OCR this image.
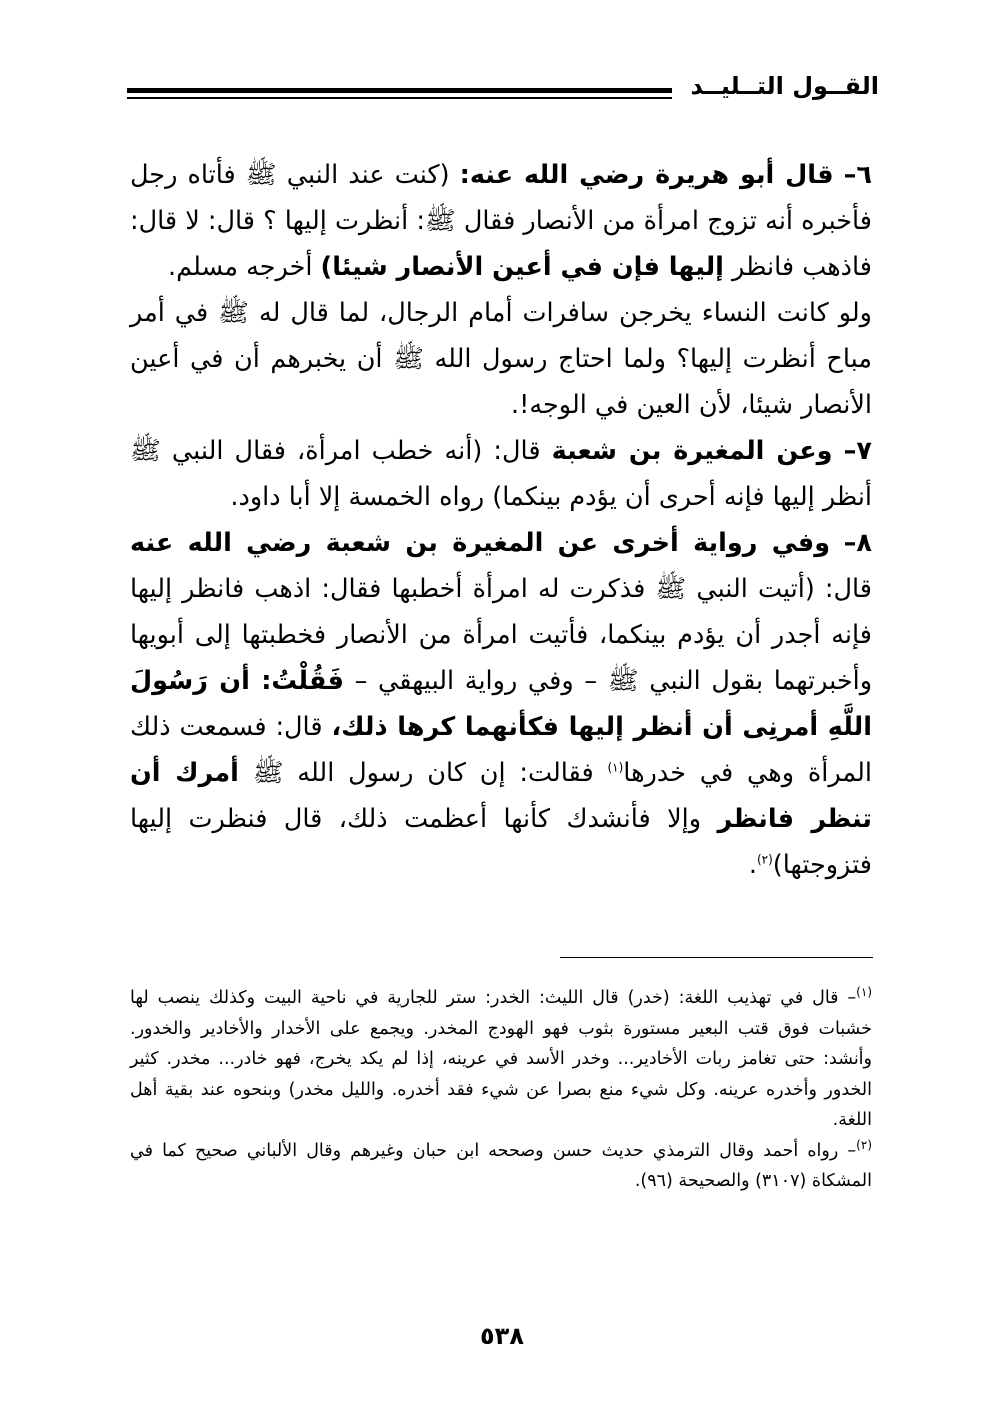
القــول التــليــد

٦– قال أبو هريرة رضي الله عنه: (كنت عند النبي ﷺ فأتاه رجل فأخبره أنه تزوج امرأة من الأنصار فقال ﷺ: أنظرت إليها ؟ قال: لا قال: فاذهب فانظر إليها فإن في أعين الأنصار شيئا) أخرجه مسلم.

ولو كانت النساء يخرجن سافرات أمام الرجال، لما قال له ﷺ في أمر مباح أنظرت إليها؟ ولما احتاج رسول الله ﷺ أن يخبرهم أن في أعين الأنصار شيئا، لأن العين في الوجه!.

٧– وعن المغيرة بن شعبة قال: (أنه خطب امرأة، فقال النبي ﷺ أنظر إليها فإنه أحرى أن يؤدم بينكما) رواه الخمسة إلا أبا داود.

٨– وفي رواية أخرى عن المغيرة بن شعبة رضي الله عنه قال: (أتيت النبي ﷺ فذكرت له امرأة أخطبها فقال: اذهب فانظر إليها فإنه أجدر أن يؤدم بينكما، فأتيت امرأة من الأنصار فخطبتها إلى أبويها وأخبرتهما بقول النبي ﷺ – وفي رواية البيهقي – فَقُلْتُ: أن رَسُولَ اللَّهِ أمرنِى أن أنظر إليها فكأنهما كرها ذلك، قال: فسمعت ذلك المرأة وهي في خدرها$^{(١)}$ فقالت: إن كان رسول الله ﷺ أمرك أن تنظر فانظر وإلا فأنشدك كأنها أعظمت ذلك، قال فنظرت إليها فتزوجتها)$^{(٢)}$.

$^{(١)}$– قال في تهذيب اللغة: (خدر) قال الليث: الخدر: ستر للجارية في ناحية البيت وكذلك ينصب لها خشبات فوق قتب البعير مستورة بثوب فهو الهودج المخدر. ويجمع على الأخدار والأخادير والخدور. وأنشد: حتى تغامز ربات الأخادير... وخدر الأسد في عرينه، إذا لم يكد يخرج، فهو خادر... مخدر. كثير الخدور وأخدره عرينه. وكل شيء منع بصرا عن شيء فقد أخدره. والليل مخدر) وبنحوه عند بقية أهل اللغة.

$^{(٢)}$– رواه أحمد وقال الترمذي حديث حسن وصححه ابن حبان وغيرهم وقال الألباني صحيح كما في المشكاة (٣١٠٧) والصحيحة (٩٦).

٥٣٨
